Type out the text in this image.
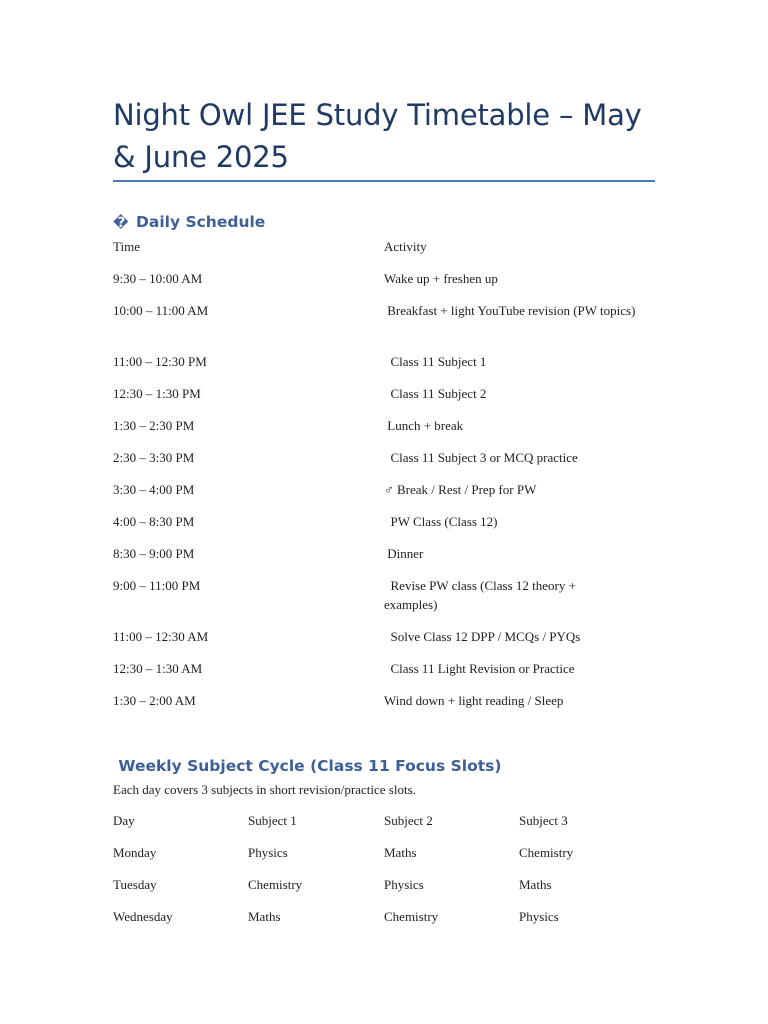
Night Owl JEE Study Timetable – May & June 2025
� Daily Schedule
Time	Activity
9:30 – 10:00 AM	Wake up + freshen up
10:00 – 11:00 AM	Breakfast + light YouTube revision (PW topics)
11:00 – 12:30 PM	Class 11 Subject 1
12:30 – 1:30 PM	Class 11 Subject 2
1:30 – 2:30 PM	Lunch + break
2:30 – 3:30 PM	Class 11 Subject 3 or MCQ practice
3:30 – 4:00 PM	♂ Break / Rest / Prep for PW
4:00 – 8:30 PM	PW Class (Class 12)
8:30 – 9:00 PM	Dinner
9:00 – 11:00 PM	Revise PW class (Class 12 theory + examples)
11:00 – 12:30 AM	Solve Class 12 DPP / MCQs / PYQs
12:30 – 1:30 AM	Class 11 Light Revision or Practice
1:30 – 2:00 AM	Wind down + light reading / Sleep
Weekly Subject Cycle (Class 11 Focus Slots)
Each day covers 3 subjects in short revision/practice slots.
Day	Subject 1	Subject 2	Subject 3
Monday	Physics	Maths	Chemistry
Tuesday	Chemistry	Physics	Maths
Wednesday	Maths	Chemistry	Physics
